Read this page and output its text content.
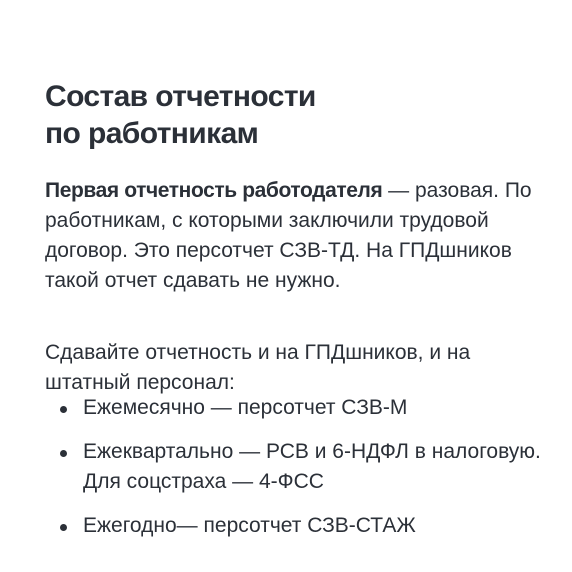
Состав отчетности
по работникам

Первая отчетность работодателя — разовая. По работникам, с которыми заключили трудовой договор. Это персотчет СЗВ-ТД. На ГПДшников такой отчет сдавать не нужно.

Сдавайте отчетность и на ГПДшников, и на штатный персонал:

Ежемесячно — персотчет СЗВ-М
Ежеквартально — РСВ и 6-НДФЛ в налоговую. Для соцстраха — 4-ФСС
Ежегодно— персотчет СЗВ-СТАЖ
